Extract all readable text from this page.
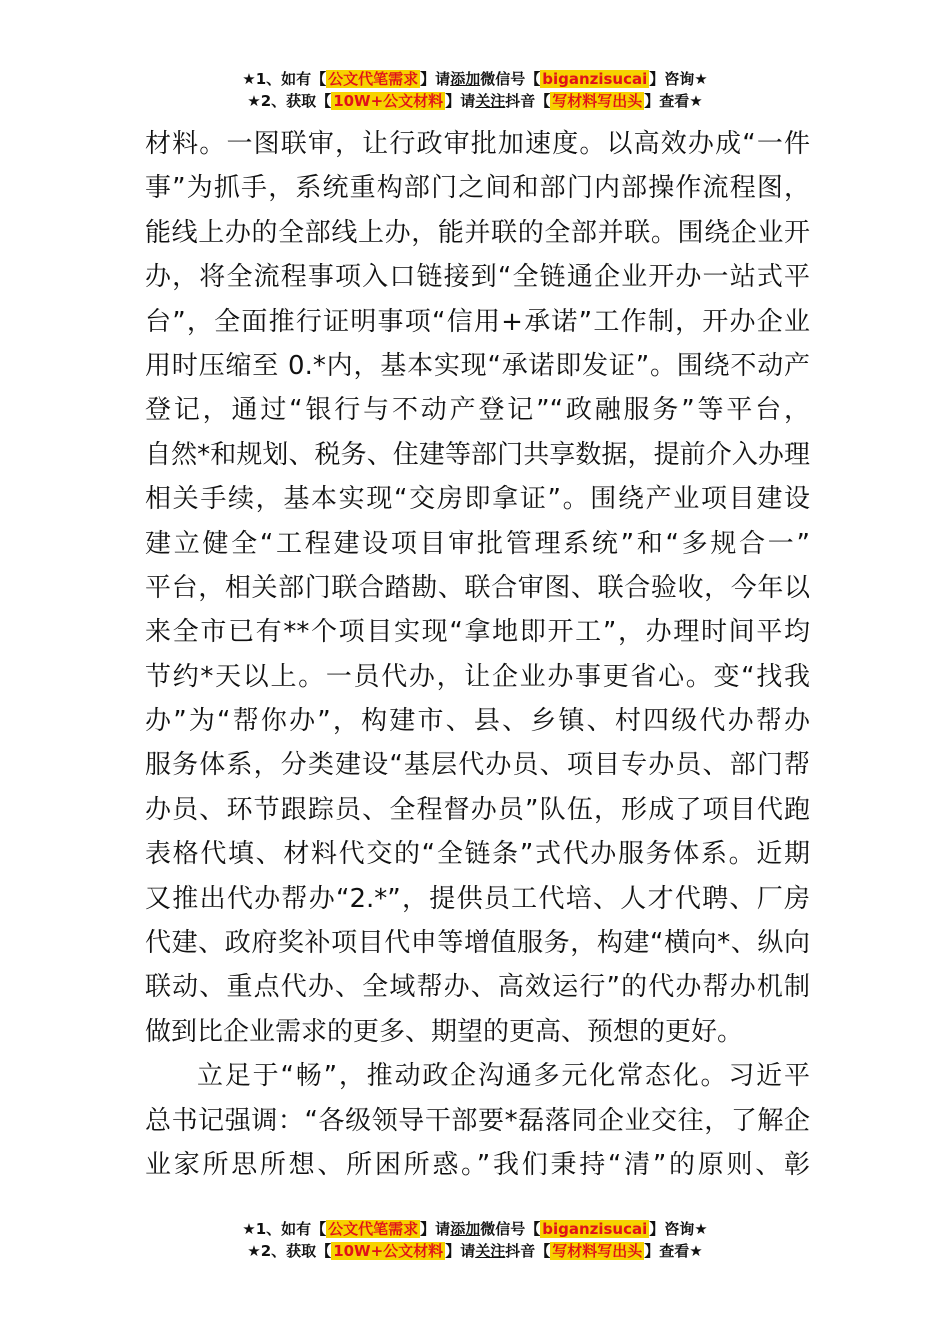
★1、如有【 公文代笔需求 】请添加微信号【 biganzisucai 】咨询★
★2、获取【 10W+公文材料 】请关注抖音【 写材料写出头 】查看★
材料。一图联审，让行政审批加速度。以高效办成“一件
事”为抓手，系统重构部门之间和部门内部操作流程图，
能线上办的全部线上办，能并联的全部并联。围绕企业开
办，将全流程事项入口链接到“全链通企业开办一站式平
台”，全面推行证明事项“信用+承诺”工作制，开办企业
用时压缩至 0.*内，基本实现“承诺即发证”。围绕不动产
登记，通过“银行与不动产登记”“政融服务”等平台，
自然*和规划、税务、住建等部门共享数据，提前介入办理
相关手续，基本实现“交房即拿证”。围绕产业项目建设
建立健全“工程建设项目审批管理系统”和“多规合一”
平台，相关部门联合踏勘、联合审图、联合验收，今年以
来全市已有**个项目实现“拿地即开工”，办理时间平均
节约*天以上。一员代办，让企业办事更省心。变“找我
办”为“帮你办”，构建市、县、乡镇、村四级代办帮办
服务体系，分类建设“基层代办员、项目专办员、部门帮
办员、环节跟踪员、全程督办员”队伍，形成了项目代跑
表格代填、材料代交的“全链条”式代办服务体系。近期
又推出代办帮办“2.*”，提供员工代培、人才代聘、厂房
代建、政府奖补项目代申等增值服务，构建“横向*、纵向
联动、重点代办、全域帮办、高效运行”的代办帮办机制
做到比企业需求的更多、期望的更高、预想的更好。
立足于“畅”，推动政企沟通多元化常态化。习近平
总书记强调：“各级领导干部要*磊落同企业交往，了解企
业家所思所想、所困所惑。”我们秉持“清”的原则、彰
★1、如有【 公文代笔需求 】请添加微信号【 biganzisucai 】咨询★
★2、获取【 10W+公文材料 】请关注抖音【 写材料写出头 】查看★
